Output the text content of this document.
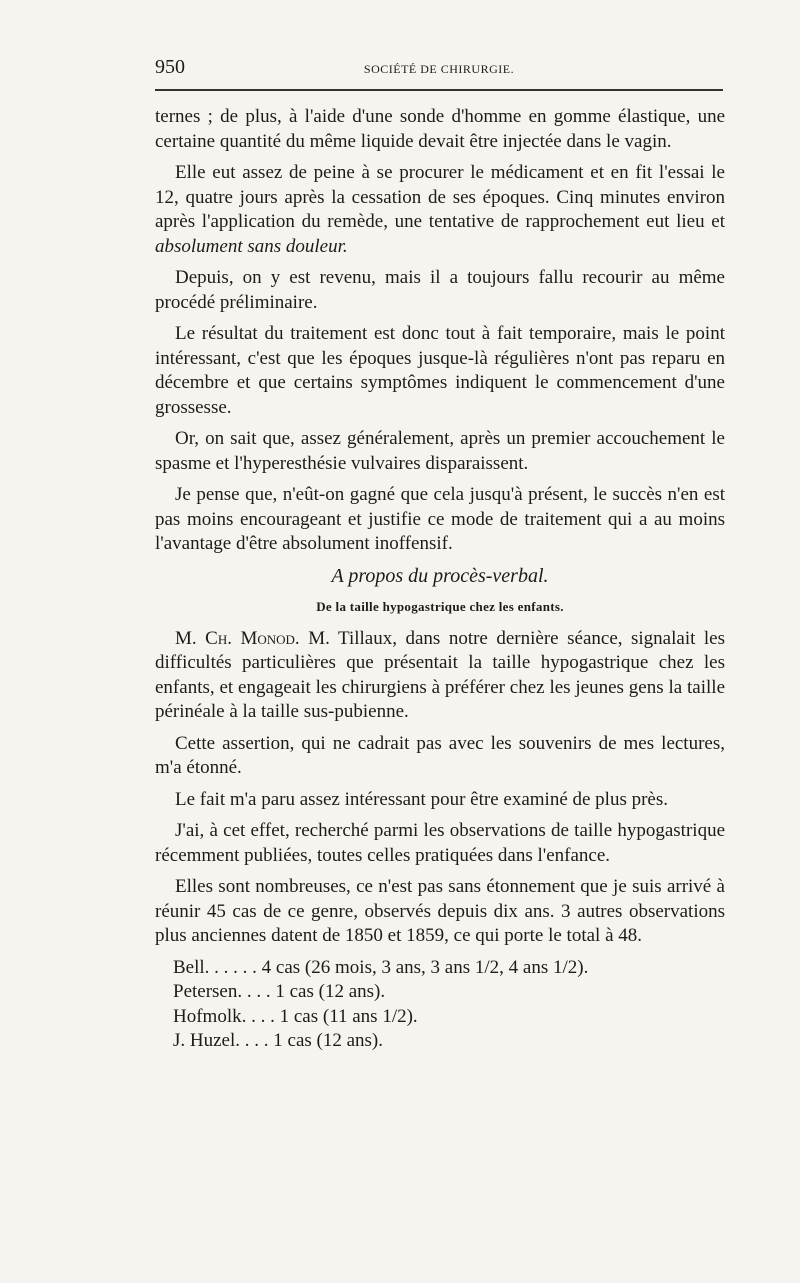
950	SOCIÉTÉ DE CHIRURGIE.

ternes ; de plus, à l'aide d'une sonde d'homme en gomme élastique, une certaine quantité du même liquide devait être injectée dans le vagin.

Elle eut assez de peine à se procurer le médicament et en fit l'essai le 12, quatre jours après la cessation de ses époques. Cinq minutes environ après l'application du remède, une tentative de rapprochement eut lieu et absolument sans douleur.

Depuis, on y est revenu, mais il a toujours fallu recourir au même procédé préliminaire.

Le résultat du traitement est donc tout à fait temporaire, mais le point intéressant, c'est que les époques jusque-là régulières n'ont pas reparu en décembre et que certains symptômes indiquent le commencement d'une grossesse.

Or, on sait que, assez généralement, après un premier accouchement le spasme et l'hyperesthésie vulvaires disparaissent.

Je pense que, n'eût-on gagné que cela jusqu'à présent, le succès n'en est pas moins encourageant et justifie ce mode de traitement qui a au moins l'avantage d'être absolument inoffensif.

A propos du procès-verbal.

De la taille hypogastrique chez les enfants.

M. Ch. Monod. M. Tillaux, dans notre dernière séance, signalait les difficultés particulières que présentait la taille hypogastrique chez les enfants, et engageait les chirurgiens à préférer chez les jeunes gens la taille périnéale à la taille sus-pubienne.

Cette assertion, qui ne cadrait pas avec les souvenirs de mes lectures, m'a étonné.

Le fait m'a paru assez intéressant pour être examiné de plus près.

J'ai, à cet effet, recherché parmi les observations de taille hypogastrique récemment publiées, toutes celles pratiquées dans l'enfance.

Elles sont nombreuses, ce n'est pas sans étonnement que je suis arrivé à réunir 45 cas de ce genre, observés depuis dix ans. 3 autres observations plus anciennes datent de 1850 et 1859, ce qui porte le total à 48.

Bell. . . . . . 4 cas (26 mois, 3 ans, 3 ans 1/2, 4 ans 1/2).
Petersen. . . . 1 cas (12 ans).
Hofmolk. . . . 1 cas (11 ans 1/2).
J. Huzel. . . . 1 cas (12 ans).
